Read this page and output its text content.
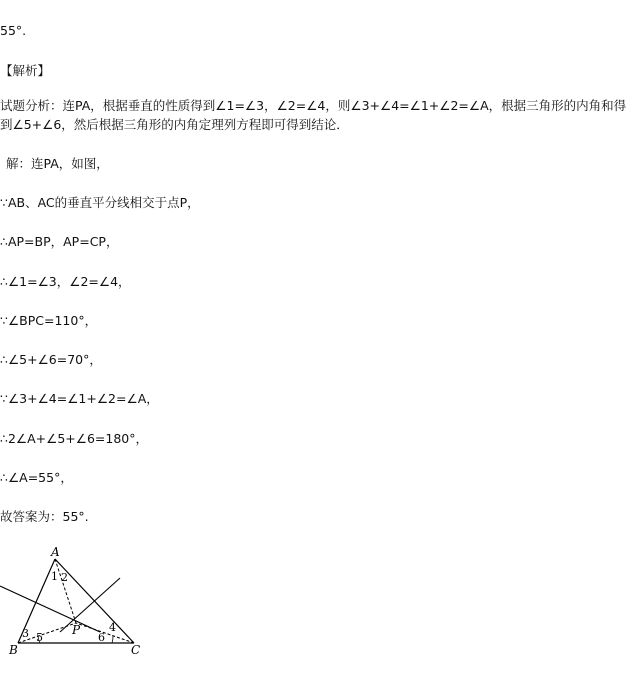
55°.
【解析】
试题分析：连PA，根据垂直的性质得到∠1=∠3，∠2=∠4，则∠3+∠4=∠1+∠2=∠A，根据三角形的内角和得到∠5+∠6，然后根据三角形的内角定理列方程即可得到结论．
解：连PA，如图，
∵AB、AC的垂直平分线相交于点P，
∴AP=BP，AP=CP，
∴∠1=∠3，∠2=∠4，
∵∠BPC=110°，
∴∠5+∠6=70°，
∵∠3+∠4=∠1+∠2=∠A，
∴2∠A+∠5+∠6=180°，
∴∠A=55°，
故答案为：55°.
A
B	C
P
1 2
3	4
5	6
